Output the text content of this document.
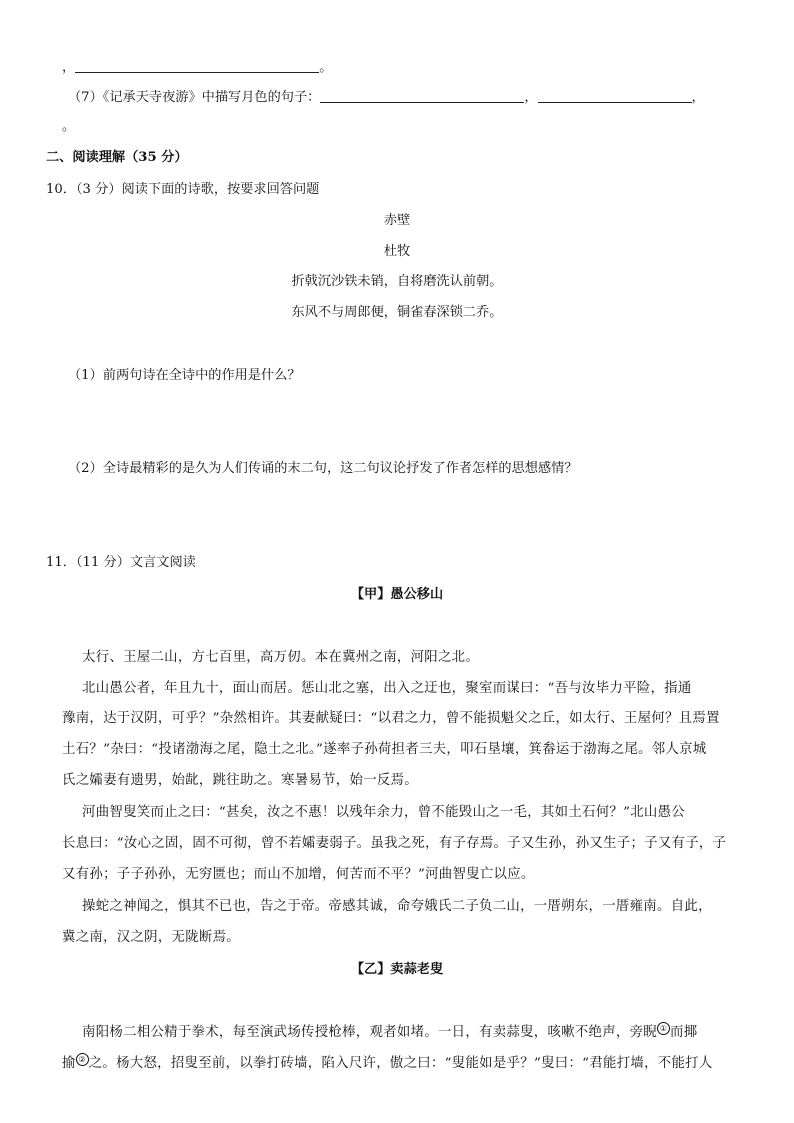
，	。
（7）《记承天寺夜游》中描写月色的句子：	，	，
。
二、阅读理解（35 分）
10．（3 分）阅读下面的诗歌，按要求回答问题
赤壁
杜牧
折戟沉沙铁未销，自将磨洗认前朝。
东风不与周郎便，铜雀春深锁二乔。
（1）前两句诗在全诗中的作用是什么？
（2）全诗最精彩的是久为人们传诵的末二句，这二句议论抒发了作者怎样的思想感情？
11．（11 分）文言文阅读
【甲】愚公移山
太行、王屋二山，方七百里，高万仞。本在冀州之南，河阳之北。
北山愚公者，年且九十，面山而居。惩山北之塞，出入之迂也，聚室而谋曰：“吾与汝毕力平险，指通
豫南，达于汉阴，可乎？”杂然相许。其妻献疑曰：“以君之力，曾不能损魁父之丘，如太行、王屋何？且焉置
土石？”杂曰：“投诸渤海之尾，隐土之北。”遂率子孙荷担者三夫，叩石垦壤，箕畚运于渤海之尾。邻人京城
氏之孀妻有遗男，始龀，跳往助之。寒暑易节，始一反焉。
河曲智叟笑而止之曰：“甚矣，汝之不惠！以残年余力，曾不能毁山之一毛，其如土石何？”北山愚公
长息曰：“汝心之固，固不可彻，曾不若孀妻弱子。虽我之死，有子存焉。子又生孙，孙又生子；子又有子，子
又有孙；子子孙孙，无穷匮也；而山不加增，何苦而不平？”河曲智叟亡以应。
操蛇之神闻之，惧其不已也，告之于帝。帝感其诚，命夸娥氏二子负二山，一厝朔东，一厝雍南。自此，
冀之南，汉之阴，无陇断焉。
【乙】卖蒜老叟
南阳杨二相公精于拳术，每至演武场传授枪棒，观者如堵。一日，有卖蒜叟，咳嗽不绝声，旁睨 ① 而揶
揄 ② 之。杨大怒，招叟至前，以拳打砖墙，陷入尺许，傲之曰：“叟能如是乎？”叟曰：“君能打墙，不能打人
